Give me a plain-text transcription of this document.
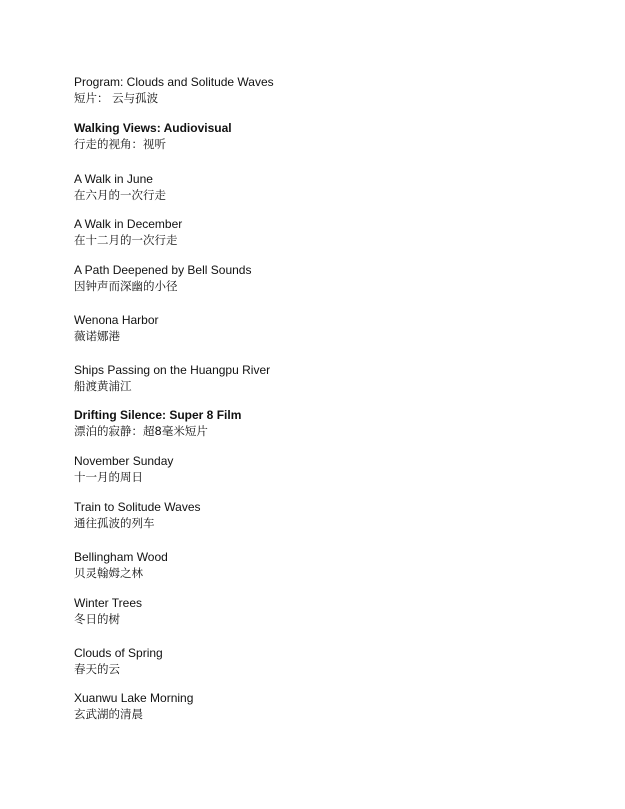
Program: Clouds and Solitude Waves
短片： 云与孤波
Walking Views: Audiovisual
行走的视角：视听
A Walk in June
在六月的一次行走
A Walk in December
在十二月的一次行走
A Path Deepened by Bell Sounds
因钟声而深幽的小径
Wenona Harbor
薇诺娜港
Ships Passing on the Huangpu River
船渡黄浦江
Drifting Silence: Super 8 Film
漂泊的寂静：超8毫米短片
November Sunday
十一月的周日
Train to Solitude Waves
通往孤波的列车
Bellingham Wood
贝灵翰姆之林
Winter Trees
冬日的树
Clouds of Spring
春天的云
Xuanwu Lake Morning
玄武湖的清晨
